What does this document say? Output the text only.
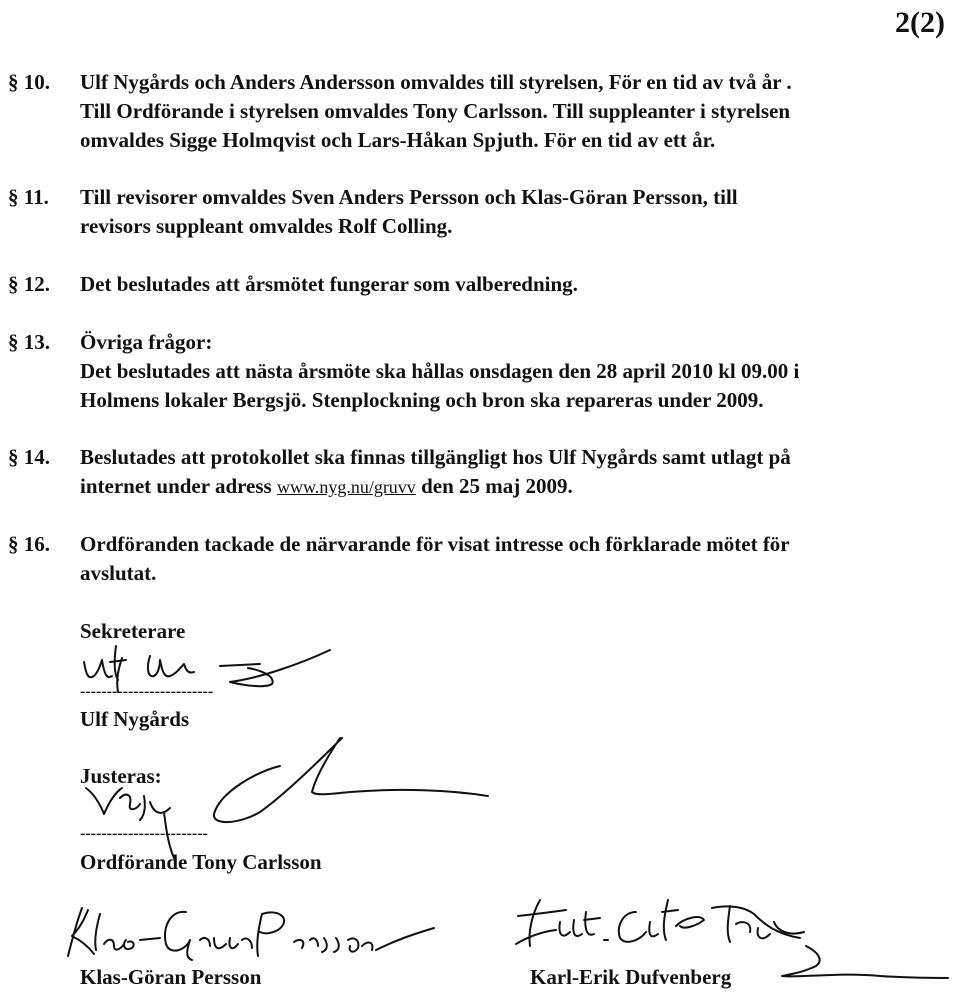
2(2)
§ 10.	Ulf Nygårds och Anders Andersson omvaldes till styrelsen, För en tid av två år .
Till Ordförande i styrelsen omvaldes Tony Carlsson. Till suppleanter i styrelsen
omvaldes Sigge Holmqvist och Lars-Håkan Spjuth. För en tid av ett år.
§ 11.	Till revisorer omvaldes Sven Anders Persson och Klas-Göran Persson, till
revisors suppleant omvaldes Rolf Colling.
§ 12.	Det beslutades att årsmötet fungerar som valberedning.
§ 13.	Övriga frågor:
Det beslutades att nästa årsmöte ska hållas onsdagen den 28 april 2010 kl 09.00 i
Holmens lokaler Bergsjö. Stenplockning och bron ska repareras under 2009.
§ 14.	Beslutades att protokollet ska finnas tillgängligt hos Ulf Nygårds samt utlagt på
internet under adress www.nyg.nu/gruvv den 25 maj 2009.
§ 16.	Ordföranden tackade de närvarande för visat intresse och förklarade mötet för
avslutat.
Sekreterare
-------------------------
Ulf Nygårds
Justeras:
------------------------
Ordförande Tony Carlsson
Klas-Göran Persson	Karl-Erik Dufvenberg
